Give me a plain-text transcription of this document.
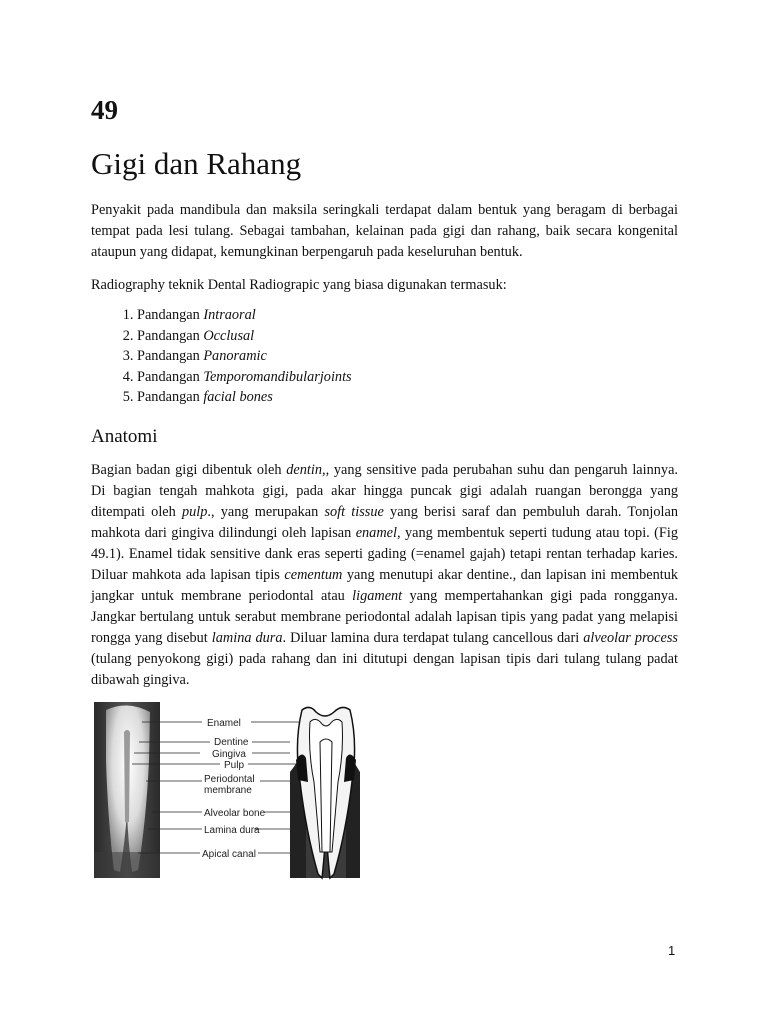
49
Gigi dan Rahang

Penyakit pada mandibula dan maksila seringkali terdapat dalam bentuk yang beragam di berbagai tempat pada lesi tulang. Sebagai tambahan, kelainan pada gigi dan rahang, baik secara kongenital ataupun yang didapat, kemungkinan berpengaruh pada keseluruhan bentuk.

Radiography teknik Dental Radiograpic yang biasa digunakan termasuk:

1. Pandangan Intraoral
2. Pandangan Occlusal
3. Pandangan Panoramic
4. Pandangan Temporomandibularjoints
5. Pandangan facial bones
Anatomi

Bagian badan gigi dibentuk oleh dentin,, yang sensitive pada perubahan suhu dan pengaruh lainnya. Di bagian tengah mahkota gigi, pada akar hingga puncak gigi adalah ruangan berongga yang ditempati oleh pulp., yang merupakan soft tissue yang berisi saraf dan pembuluh darah. Tonjolan mahkota dari gingiva dilindungi oleh lapisan enamel, yang membentuk seperti tudung atau topi. (Fig 49.1). Enamel tidak sensitive dank eras seperti gading (=enamel gajah) tetapi rentan terhadap karies. Diluar mahkota ada lapisan tipis cementum yang menutupi akar dentine., dan lapisan ini membentuk jangkar untuk membrane periodontal atau ligament yang mempertahankan gigi pada rongganya. Jangkar bertulang untuk serabut membrane periodontal adalah lapisan tipis yang padat yang melapisi rongga yang disebut lamina dura. Diluar lamina dura terdapat tulang cancellous dari alveolar process (tulang penyokong gigi) pada rahang dan ini ditutupi dengan lapisan tipis dari tulang tulang padat dibawah gingiva.

Enamel
Dentine
Gingiva
Pulp
Periodontal
membrane
Alveolar bone
Lamina dura
Apical canal
1
